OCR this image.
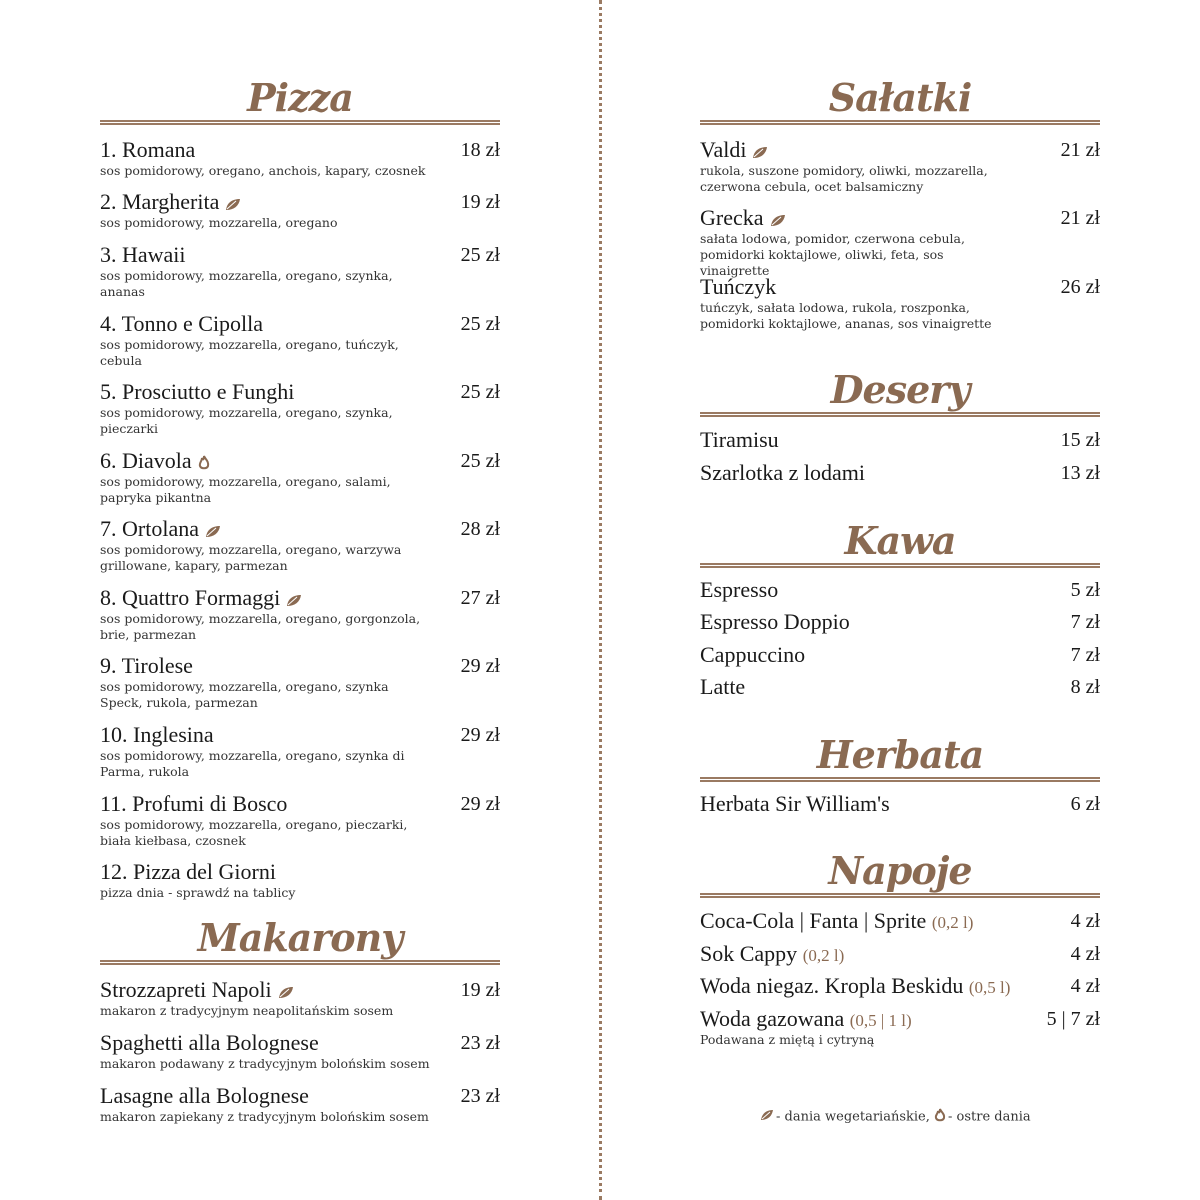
Pizza
1. Romana	18 zł
sos pomidorowy, oregano, anchois, kapary, czosnek
2. Margherita	19 zł
sos pomidorowy, mozzarella, oregano
3. Hawaii	25 zł
sos pomidorowy, mozzarella, oregano, szynka, ananas
4. Tonno e Cipolla	25 zł
sos pomidorowy, mozzarella, oregano, tuńczyk, cebula
5. Prosciutto e Funghi	25 zł
sos pomidorowy, mozzarella, oregano, szynka, pieczarki
6. Diavola	25 zł
sos pomidorowy, mozzarella, oregano, salami, papryka pikantna
7. Ortolana	28 zł
sos pomidorowy, mozzarella, oregano, warzywa grillowane, kapary, parmezan
8. Quattro Formaggi	27 zł
sos pomidorowy, mozzarella, oregano, gorgonzola, brie, parmezan
9. Tirolese	29 zł
sos pomidorowy, mozzarella, oregano, szynka Speck, rukola, parmezan
10. Inglesina	29 zł
sos pomidorowy, mozzarella, oregano, szynka di Parma, rukola
11. Profumi di Bosco	29 zł
sos pomidorowy, mozzarella, oregano, pieczarki, biała kiełbasa, czosnek
12. Pizza del Giorni
pizza dnia - sprawdź na tablicy
Makarony
Strozzapreti Napoli	19 zł
makaron z tradycyjnym neapolitańskim sosem
Spaghetti alla Bolognese	23 zł
makaron podawany z tradycyjnym bolońskim sosem
Lasagne alla Bolognese	23 zł
makaron zapiekany z tradycyjnym bolońskim sosem
Sałatki
Valdi	21 zł
rukola, suszone pomidory, oliwki, mozzarella, czerwona cebula, ocet balsamiczny
Grecka	21 zł
sałata lodowa, pomidor, czerwona cebula, pomidorki koktajlowe, oliwki, feta, sos vinaigrette
Tuńczyk	26 zł
tuńczyk, sałata lodowa, rukola, roszponka, pomidorki koktajlowe, ananas, sos vinaigrette
Desery
Tiramisu	15 zł
Szarlotka z lodami	13 zł
Kawa
Espresso	5 zł
Espresso Doppio	7 zł
Cappuccino	7 zł
Latte	8 zł
Herbata
Herbata Sir William's	6 zł
Napoje
Coca-Cola | Fanta | Sprite (0,2 l)	4 zł
Sok Cappy (0,2 l)	4 zł
Woda niegaz. Kropla Beskidu (0,5 l)	4 zł
Woda gazowana (0,5 | 1 l)	5 | 7 zł
Podawana z miętą i cytryną
- dania wegetariańskie, - ostre dania
